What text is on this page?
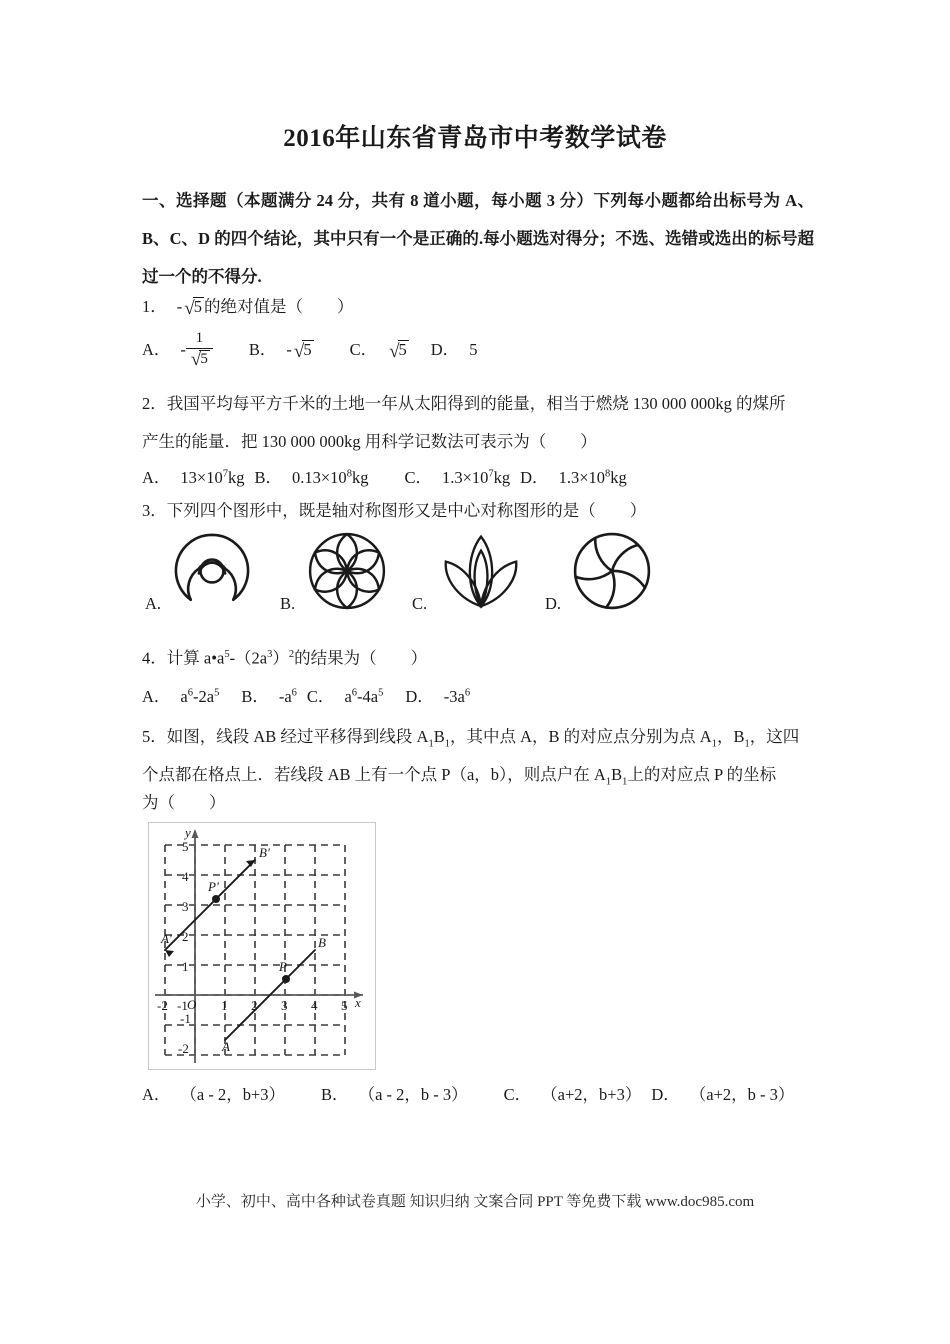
2016年山东省青岛市中考数学试卷
一、选择题（本题满分 24 分，共有 8 道小题，每小题 3 分）下列每小题都给出标号为 A、B、C、D 的四个结论，其中只有一个是正确的.每小题选对得分；不选、选错或选出的标号超过一个的不得分.
1． - √5 的绝对值是（ ）
A． - $\frac{1}{√5}$ B． - √5 C． √5 D． 5
2．我国平均每平方千米的土地一年从太阳得到的能量，相当于燃烧 130 000 000kg 的煤所
产生的能量．把 130 000 000kg 用科学记数法可表示为（ ）
A． $13\times 10^7kg$ B． $0.13\times 10^8kg$ C． $1.3\times 10^7kg$ D． $1.3\times 10^8kg$
3．下列四个图形中，既是轴对称图形又是中心对称图形的是（ ）
A.	B.	C.	D.
4．计算 $a•a^5-(2a^3)^2$的结果为（ ）
A． $a^6-2a^5$ B． $-a^6$ C． $a^6-4a^5$ D． $-3a^6$
5．如图，线段 AB 经过平移得到线段 $A_1B_1$，其中点 A，B 的对应点分别为点 $A_1$，$B_1$，这四
个点都在格点上．若线段 AB 上有一个点 P（a，b），则点户在 $A_1B_1$上的对应点 P 的坐标
为（ ）
A
B
P
A'
B'
P'
y
x
O
-2 -1	1 2 3 4 5
5
4
3
2
1
-1
-2
A． （a - 2，b+3） B． （a - 2，b - 3） C． （a+2，b+3） D． （a+2，b - 3）
小学、初中、高中各种试卷真题 知识归纳 文案合同 PPT 等免费下载 www.doc985.com
